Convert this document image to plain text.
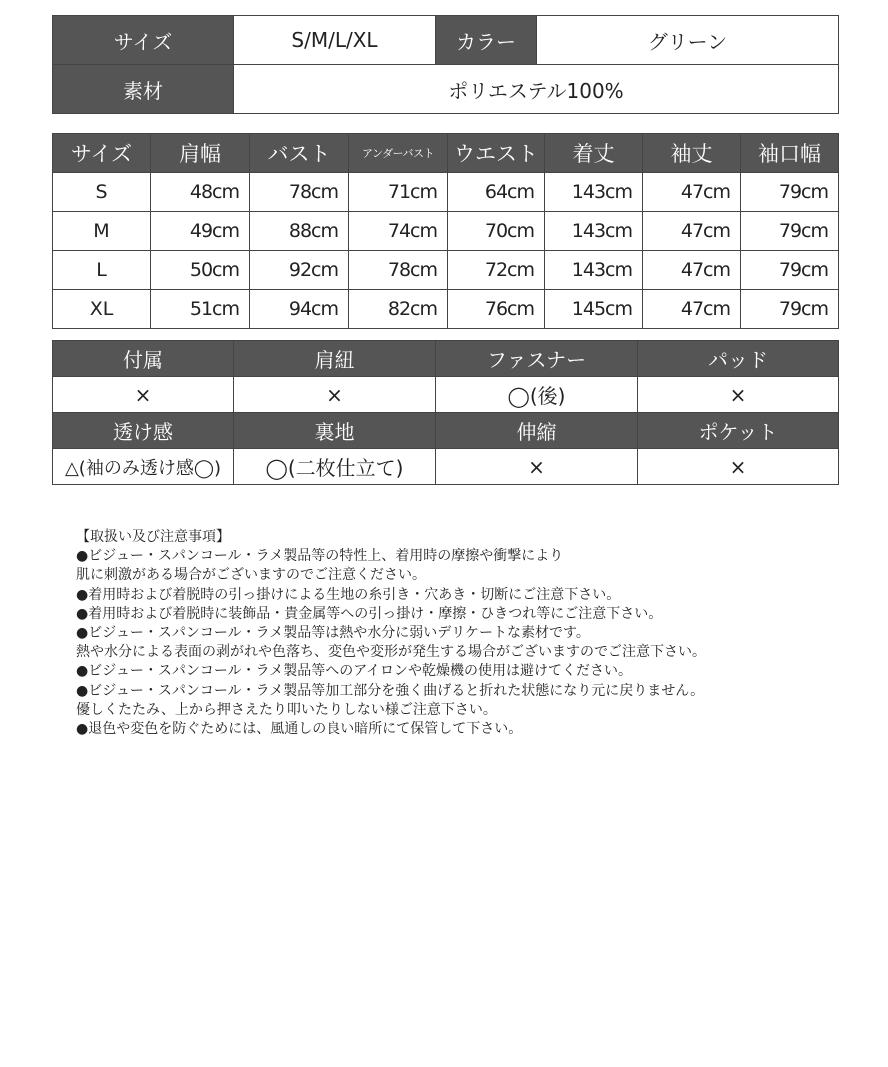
サイズ	S/M/L/XL	カラー	グリーン
素材	ポリエステル100%		
サイズ	肩幅	バスト	アンダーバスト	ウエスト	着丈	袖丈	袖口幅
S	48cm	78cm	71cm	64cm	143cm	47cm	79cm
M	49cm	88cm	74cm	70cm	143cm	47cm	79cm
L	50cm	92cm	78cm	72cm	143cm	47cm	79cm
XL	51cm	94cm	82cm	76cm	145cm	47cm	79cm
付属	肩紐	ファスナー	パッド
×	×	◯(後)	×
透け感	裏地	伸縮	ポケット
△(袖のみ透け感◯)	◯(二枚仕立て)	×	×
【取扱い及び注意事項】
●ビジュー・スパンコール・ラメ製品等の特性上、着用時の摩擦や衝撃により
肌に刺激がある場合がございますのでご注意ください。
●着用時および着脱時の引っ掛けによる生地の糸引き・穴あき・切断にご注意下さい。
●着用時および着脱時に装飾品・貴金属等への引っ掛け・摩擦・ひきつれ等にご注意下さい。
●ビジュー・スパンコール・ラメ製品等は熱や水分に弱いデリケートな素材です。
熱や水分による表面の剥がれや色落ち、変色や変形が発生する場合がございますのでご注意下さい。
●ビジュー・スパンコール・ラメ製品等へのアイロンや乾燥機の使用は避けてください。
●ビジュー・スパンコール・ラメ製品等加工部分を強く曲げると折れた状態になり元に戻りません。
優しくたたみ、上から押さえたり叩いたりしない様ご注意下さい。
●退色や変色を防ぐためには、風通しの良い暗所にて保管して下さい。
